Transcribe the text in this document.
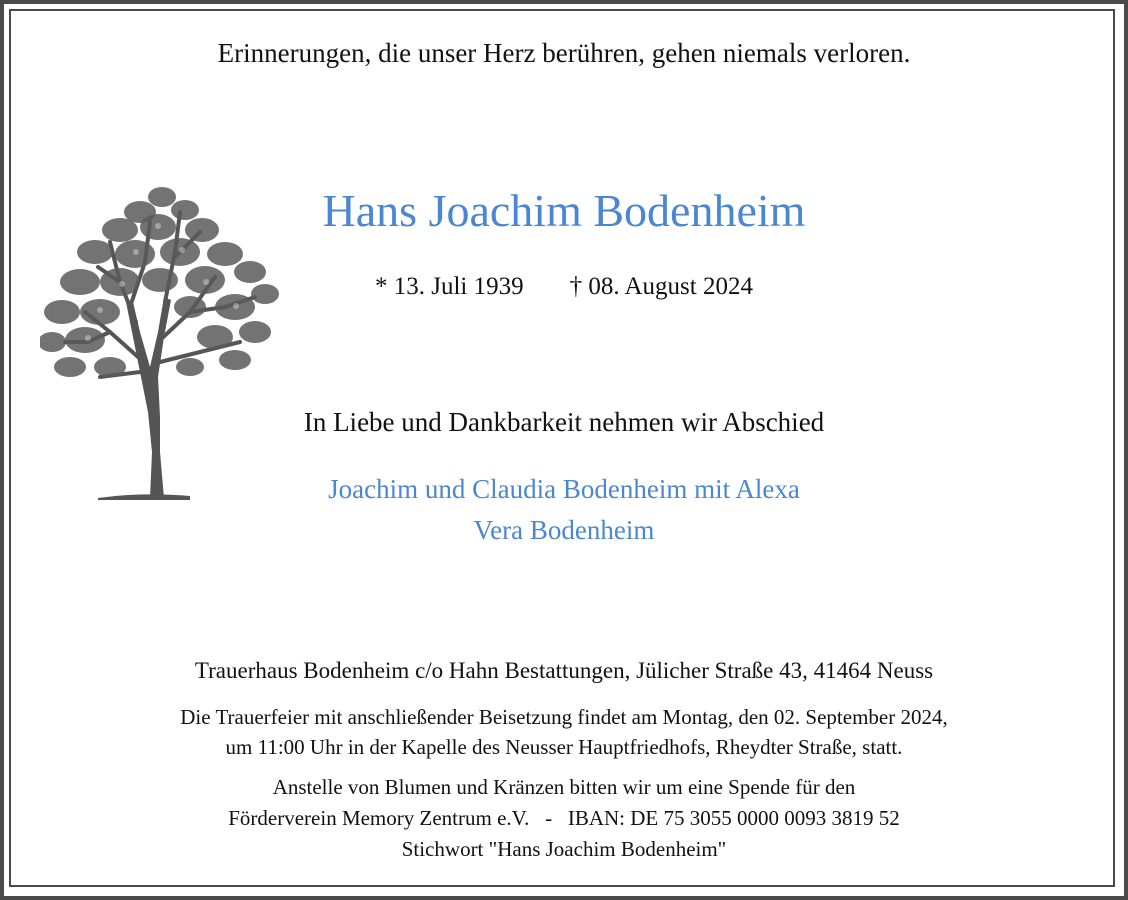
Erinnerungen, die unser Herz berühren, gehen niemals verloren.
Hans Joachim Bodenheim
* 13. Juli 1939 † 08. August 2024
In Liebe und Dankbarkeit nehmen wir Abschied
Joachim und Claudia Bodenheim mit Alexa
Vera Bodenheim
Trauerhaus Bodenheim c/o Hahn Bestattungen, Jülicher Straße 43, 41464 Neuss
Die Trauerfeier mit anschließender Beisetzung findet am Montag, den 02. September 2024,
um 11:00 Uhr in der Kapelle des Neusser Hauptfriedhofs, Rheydter Straße, statt.
Anstelle von Blumen und Kränzen bitten wir um eine Spende für den
Förderverein Memory Zentrum e.V.   -   IBAN: DE 75 3055 0000 0093 3819 52
Stichwort "Hans Joachim Bodenheim"
